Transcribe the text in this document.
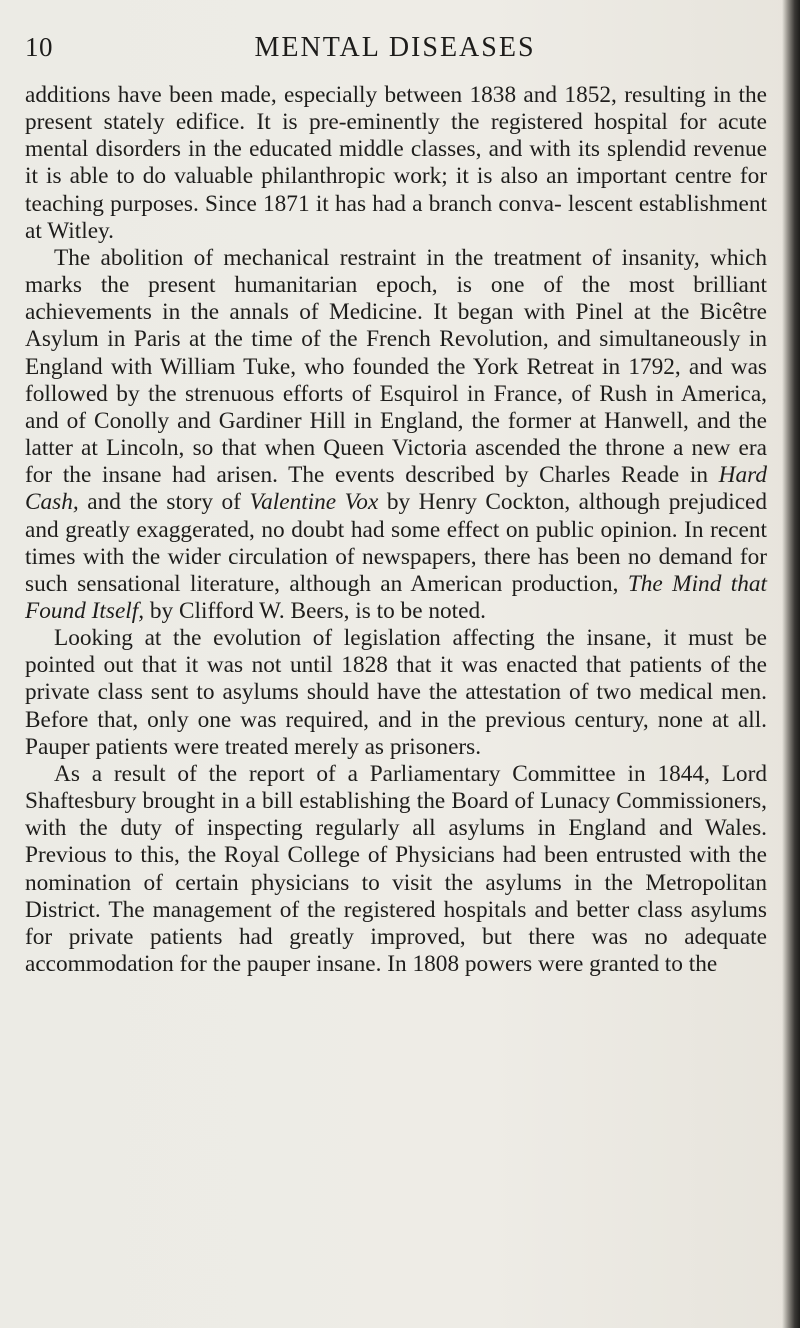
10	MENTAL DISEASES

additions have been made, especially between 1838 and 1852, resulting in the present stately edifice. It is pre-eminently the registered hospital for acute mental disorders in the educated middle classes, and with its splendid revenue it is able to do valuable philanthropic work; it is also an important centre for teaching purposes. Since 1871 it has had a branch conva- lescent establishment at Witley.

The abolition of mechanical restraint in the treatment of insanity, which marks the present humanitarian epoch, is one of the most brilliant achievements in the annals of Medicine. It began with Pinel at the Bicêtre Asylum in Paris at the time of the French Revolution, and simultaneously in England with William Tuke, who founded the York Retreat in 1792, and was followed by the strenuous efforts of Esquirol in France, of Rush in America, and of Conolly and Gardiner Hill in England, the former at Hanwell, and the latter at Lincoln, so that when Queen Victoria ascended the throne a new era for the insane had arisen. The events described by Charles Reade in Hard Cash, and the story of Valentine Vox by Henry Cockton, although prejudiced and greatly exaggerated, no doubt had some effect on public opinion. In recent times with the wider circulation of newspapers, there has been no demand for such sensational literature, although an American production, The Mind that Found Itself, by Clifford W. Beers, is to be noted.

Looking at the evolution of legislation affecting the insane, it must be pointed out that it was not until 1828 that it was enacted that patients of the private class sent to asylums should have the attestation of two medical men. Before that, only one was required, and in the previous century, none at all. Pauper patients were treated merely as prisoners.

As a result of the report of a Parliamentary Committee in 1844, Lord Shaftesbury brought in a bill establishing the Board of Lunacy Commissioners, with the duty of inspecting regularly all asylums in England and Wales. Previous to this, the Royal College of Physicians had been entrusted with the nomination of certain physicians to visit the asylums in the Metropolitan District. The management of the registered hospitals and better class asylums for private patients had greatly improved, but there was no adequate accommodation for the pauper insane. In 1808 powers were granted to the
